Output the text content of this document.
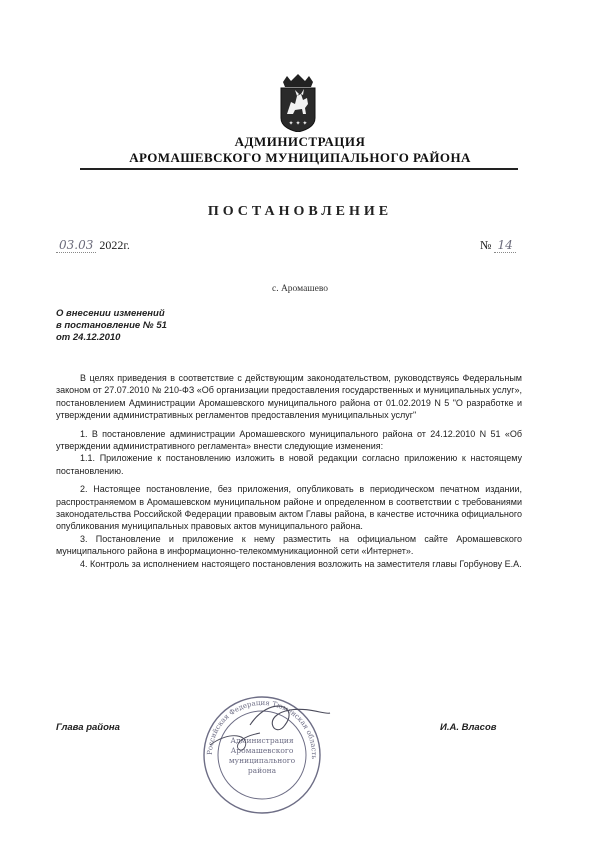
✦ ✦ ✦
АДМИНИСТРАЦИЯ
АРОМАШЕВСКОГО МУНИЦИПАЛЬНОГО РАЙОНА
ПОСТАНОВЛЕНИЕ
03.03 2022г.	№ 14
с. Аромашево
О внесении изменений
в постановление № 51
от 24.12.2010

В целях приведения в соответствие с действующим законодательством, руководствуясь Федеральным законом от 27.07.2010 № 210-ФЗ «Об организации предоставления государственных и муниципальных услуг», постановлением Администрации Аромашевского муниципального района от 01.02.2019 N 5 "О разработке и утверждении административных регламентов предоставления муниципальных услуг"

1. В постановление администрации Аромашевского муниципального района от 24.12.2010 N 51 «Об утверждении административного регламента» внести следующие изменения:

1.1. Приложение к постановлению изложить в новой редакции согласно приложению к настоящему постановлению.

2. Настоящее постановление, без приложения, опубликовать в периодическом печатном издании, распространяемом в Аромашевском муниципальном районе и определенном в соответствии с требованиями законодательства Российской Федерации правовым актом Главы района, в качестве источника официального опубликования муниципальных правовых актов муниципального района.

3. Постановление и приложение к нему разместить на официальном сайте Аромашевского муниципального района в информационно-телекоммуникационной сети «Интернет».

4. Контроль за исполнением настоящего постановления возложить на заместителя главы Горбунову Е.А.

Российская Федерация Тюменская область
Администрация
Аромашевского
муниципального
района
Глава района	И.А. Власов
